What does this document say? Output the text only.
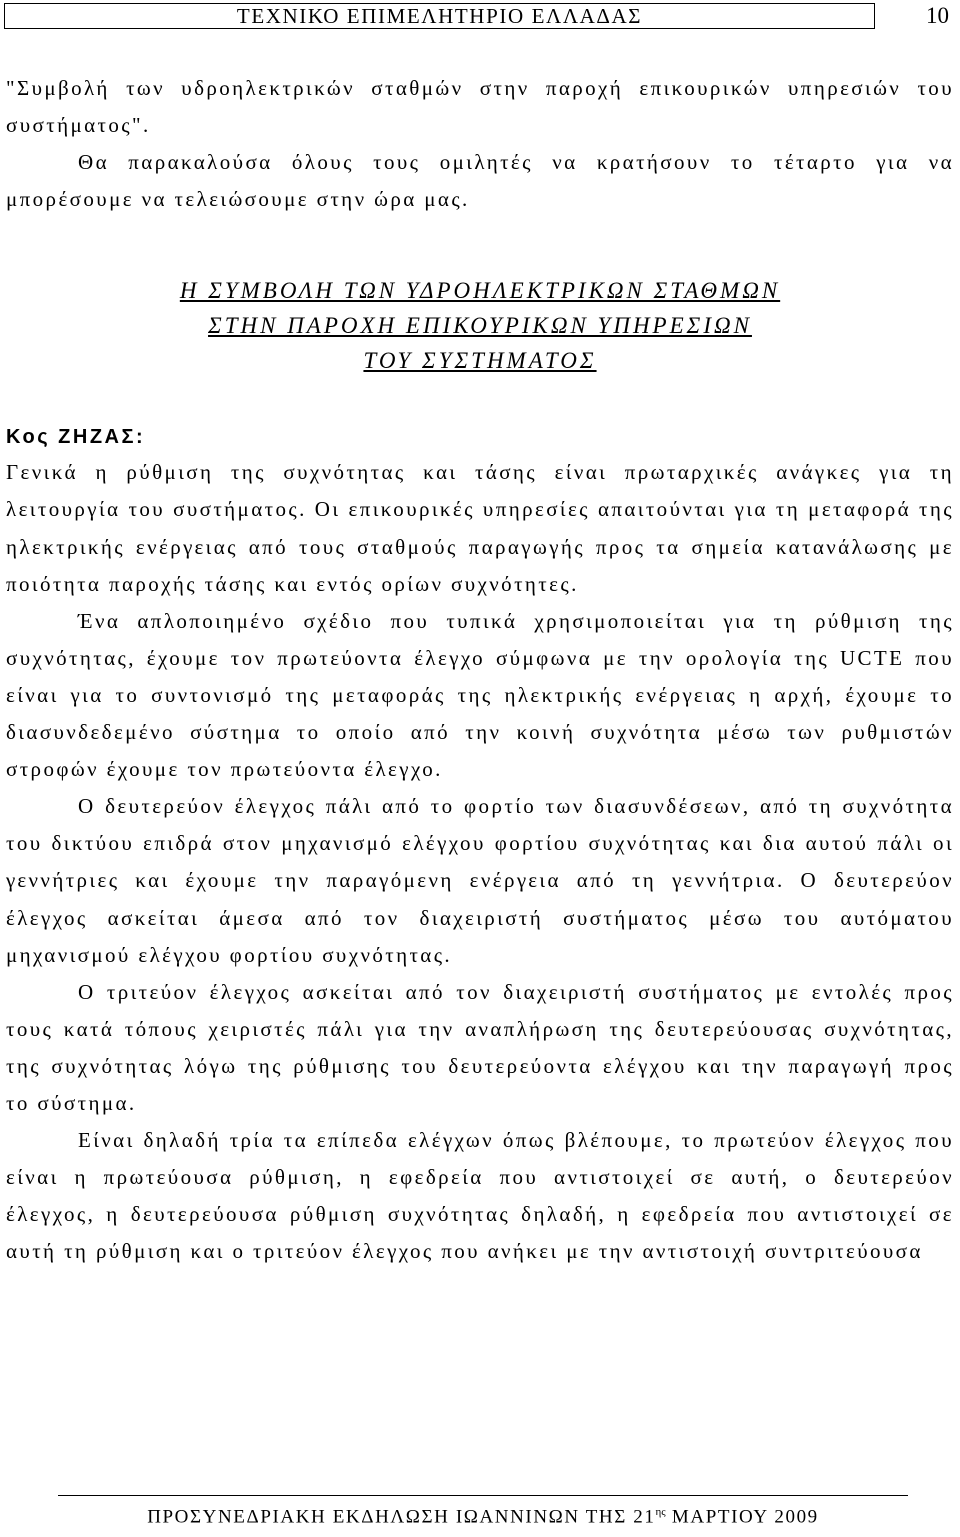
ΤΕΧΝΙΚΟ ΕΠΙΜΕΛΗΤΗΡΙΟ ΕΛΛΑΔΑΣ	10

"Συμβολή των υδροηλεκτρικών σταθμών στην παροχή επικουρικών υπηρεσιών του συστήματος".

Θα παρακαλούσα όλους τους ομιλητές να κρατήσουν το τέταρτο για να μπορέσουμε να τελειώσουμε στην ώρα μας.

Η ΣΥΜΒΟΛΗ ΤΩΝ ΥΔΡΟΗΛΕΚΤΡΙΚΩΝ ΣΤΑΘΜΩΝ
ΣΤΗΝ ΠΑΡΟΧΗ ΕΠΙΚΟΥΡΙΚΩΝ ΥΠΗΡΕΣΙΩΝ
ΤΟΥ ΣΥΣΤΗΜΑΤΟΣ
Κος ΖΗΖΑΣ:

Γενικά η ρύθμιση της συχνότητας και τάσης είναι πρωταρχικές ανάγκες για τη λειτουργία του συστήματος. Οι επικουρικές υπηρεσίες απαιτούνται για τη μεταφορά της ηλεκτρικής ενέργειας από τους σταθμούς παραγωγής προς τα σημεία κατανάλωσης με ποιότητα παροχής τάσης και εντός ορίων συχνότητες.

Ένα απλοποιημένο σχέδιο που τυπικά χρησιμοποιείται για τη ρύθμιση της συχνότητας, έχουμε τον πρωτεύοντα έλεγχο σύμφωνα με την ορολογία της UCTE που είναι για το συντονισμό της μεταφοράς της ηλεκτρικής ενέργειας η αρχή, έχουμε το διασυνδεδεμένο σύστημα το οποίο από την κοινή συχνότητα μέσω των ρυθμιστών στροφών έχουμε τον πρωτεύοντα έλεγχο.

Ο δευτερεύον έλεγχος πάλι από το φορτίο των διασυνδέσεων, από τη συχνότητα του δικτύου επιδρά στον μηχανισμό ελέγχου φορτίου συχνότητας και δια αυτού πάλι οι γεννήτριες και έχουμε την παραγόμενη ενέργεια από τη γεννήτρια. Ο δευτερεύον έλεγχος ασκείται άμεσα από τον διαχειριστή συστήματος μέσω του αυτόματου μηχανισμού ελέγχου φορτίου συχνότητας.

Ο τριτεύον έλεγχος ασκείται από τον διαχειριστή συστήματος με εντολές προς τους κατά τόπους χειριστές πάλι για την αναπλήρωση της δευτερεύουσας συχνότητας, της συχνότητας λόγω της ρύθμισης του δευτερεύοντα ελέγχου και την παραγωγή προς το σύστημα.

Είναι δηλαδή τρία τα επίπεδα ελέγχων όπως βλέπουμε, το πρωτεύον έλεγχος που είναι η πρωτεύουσα ρύθμιση, η εφεδρεία που αντιστοιχεί σε αυτή, ο δευτερεύον έλεγχος, η δευτερεύουσα ρύθμιση συχνότητας δηλαδή, η εφεδρεία που αντιστοιχεί σε αυτή τη ρύθμιση και ο τριτεύον έλεγχος που ανήκει με την αντιστοιχή συντριτεύουσα

ΠΡΟΣΥΝΕΔΡΙΑΚΗ ΕΚΔΗΛΩΣΗ ΙΩΑΝΝΙΝΩΝ ΤΗΣ $21^{\eta\varsigma}$ ΜΑΡΤΙΟΥ 2009
